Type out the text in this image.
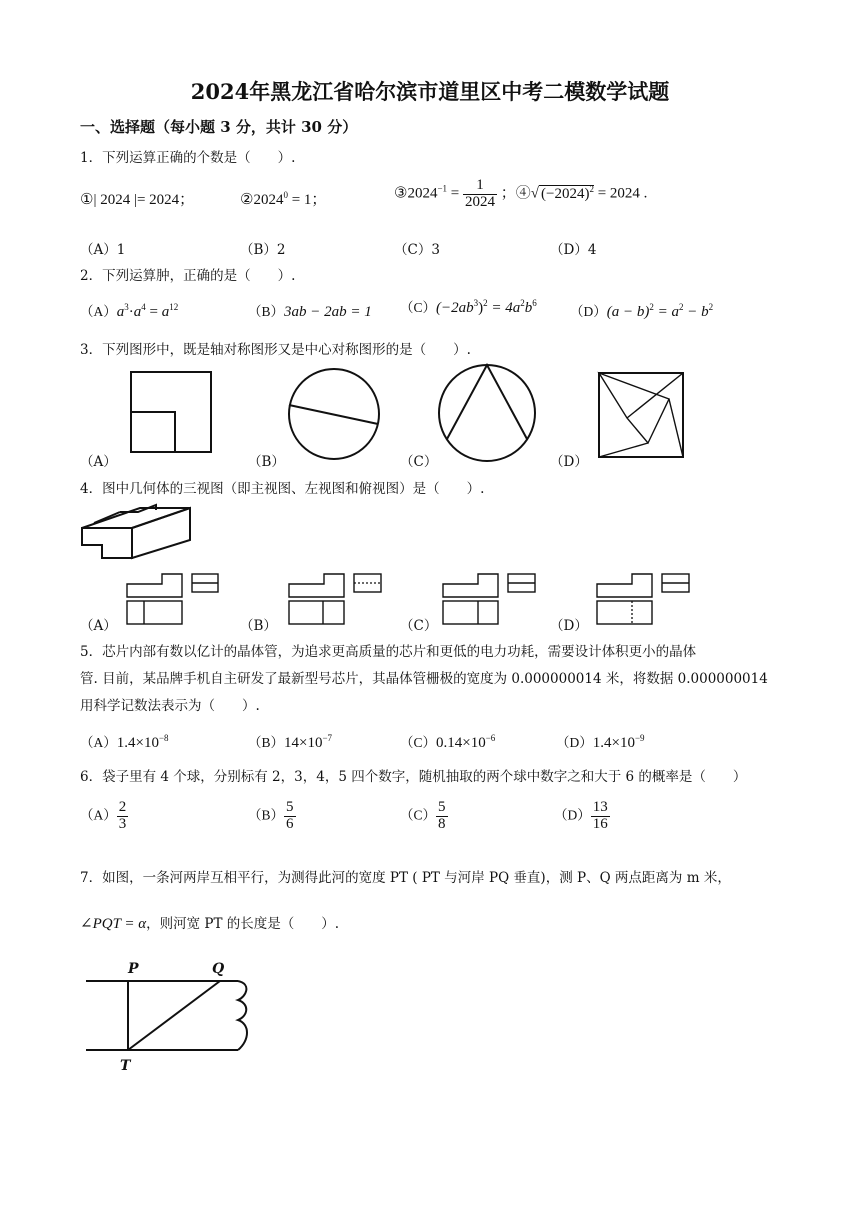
2024年黑龙江省哈尔滨市道里区中考二模数学试题
一、选择题（每小题 3 分，共计 30 分）
1．下列运算正确的个数是（　　）.
①| 2024 |= 2024；	$②2024^0 = 1$；	$③2024^{-1} = \frac{1}{2024}$ ；④√ $(-2024)^2 = 2024$ .
（A）1	（B）2	（C）3	（D）4
2．下列运算肿，正确的是（　　）.
$(A)a^3\cdot a^4 = a^{12}$	（B）3ab − 2ab = 1 $(C)(-2ab^3)^2 = 4a^2b^6$
$(D)(a - b)^2 = a^2 - b^2$
3．下列图形中，既是轴对称图形又是中心对称图形的是（　　）.
（A）	（B）	（C）	（D）
4．图中几何体的三视图（即主视图、左视图和俯视图）是（　　）.
（A）	（B）	（C）	（D）
5．芯片内部有数以亿计的晶体管，为追求更高质量的芯片和更低的电力功耗，需要设计体积更小的晶体
管. 目前，某品牌手机自主研发了最新型号芯片，其晶体管栅极的宽度为 0.000000014 米，将数据 0.000000014
用科学记数法表示为（　　）.
$(A)1.4\times 10^{-8}$	$(B)14\times 10^{-7}$	$(C)0.14\times 10^{-6}$	$(D)1.4\times 10^{-9}$
6．袋子里有 4 个球，分别标有 2，3，4，5 四个数字，随机抽取的两个球中数字之和大于 6 的概率是（　　）
$(A) \frac{2}{3}$	$(B) \frac{5}{6}$	$(C) \frac{5}{8}$	$(D) \frac{13}{16}$
7．如图，一条河两岸互相平行，为测得此河的宽度 PT ( PT 与河岸 PQ 垂直)，测 P、Q 两点距离为 m 米，
∠PQT = α，则河宽 PT 的长度是（　　）.
P	Q
T
